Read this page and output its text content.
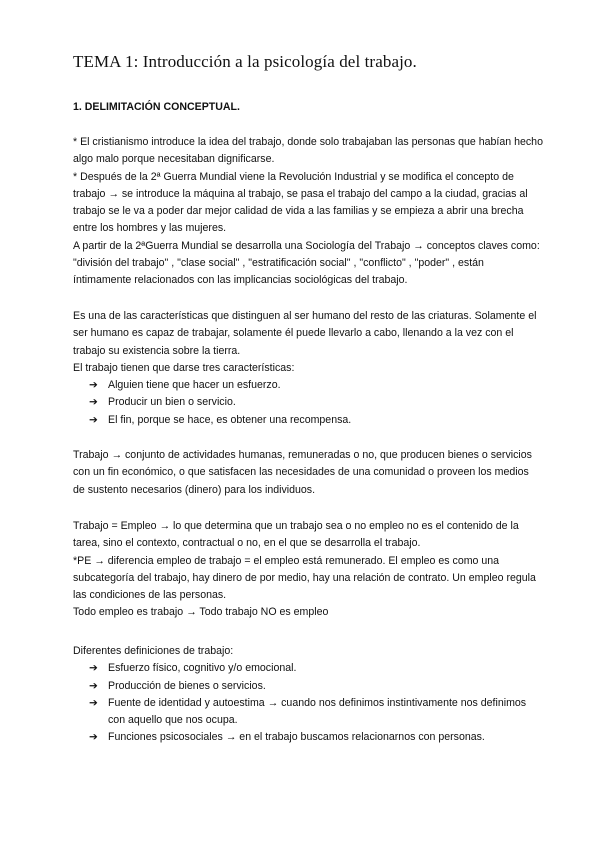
TEMA 1: Introducción a la psicología del trabajo.
1. DELIMITACIÓN CONCEPTUAL.

* El cristianismo introduce la idea del trabajo, donde solo trabajaban las personas que habían hecho algo malo porque necesitaban dignificarse.

* Después de la 2ª Guerra Mundial viene la Revolución Industrial y se modifica el concepto de trabajo → se introduce la máquina al trabajo, se pasa el trabajo del campo a la ciudad, gracias al trabajo se le va a poder dar mejor calidad de vida a las familias y se empieza a abrir una brecha entre los hombres y las mujeres.

A partir de la 2ªGuerra Mundial se desarrolla una Sociología del Trabajo → conceptos claves como: "división del trabajo" , "clase social" , "estratificación social" , "conflicto" , "poder" , están íntimamente relacionados con las implicancias sociológicas del trabajo.

Es una de las características que distinguen al ser humano del resto de las criaturas. Solamente el ser humano es capaz de trabajar, solamente él puede llevarlo a cabo, llenando a la vez con el trabajo su existencia sobre la tierra.

El trabajo tienen que darse tres características:

➔ Alguien tiene que hacer un esfuerzo.
➔ Producir un bien o servicio.
➔ El fin, porque se hace, es obtener una recompensa.

Trabajo → conjunto de actividades humanas, remuneradas o no, que producen bienes o servicios con un fin económico, o que satisfacen las necesidades de una comunidad o proveen los medios de sustento necesarios (dinero) para los individuos.

Trabajo = Empleo → lo que determina que un trabajo sea o no empleo no es el contenido de la tarea, sino el contexto, contractual o no, en el que se desarrolla el trabajo.

*PE → diferencia empleo de trabajo = el empleo está remunerado. El empleo es como una subcategoría del trabajo, hay dinero de por medio, hay una relación de contrato. Un empleo regula las condiciones de las personas.

Todo empleo es trabajo → Todo trabajo NO es empleo

Diferentes definiciones de trabajo:

➔ Esfuerzo físico, cognitivo y/o emocional.
➔ Producción de bienes o servicios.
➔ Fuente de identidad y autoestima → cuando nos definimos instintivamente nos definimos con aquello que nos ocupa.
➔ Funciones psicosociales → en el trabajo buscamos relacionarnos con personas.
